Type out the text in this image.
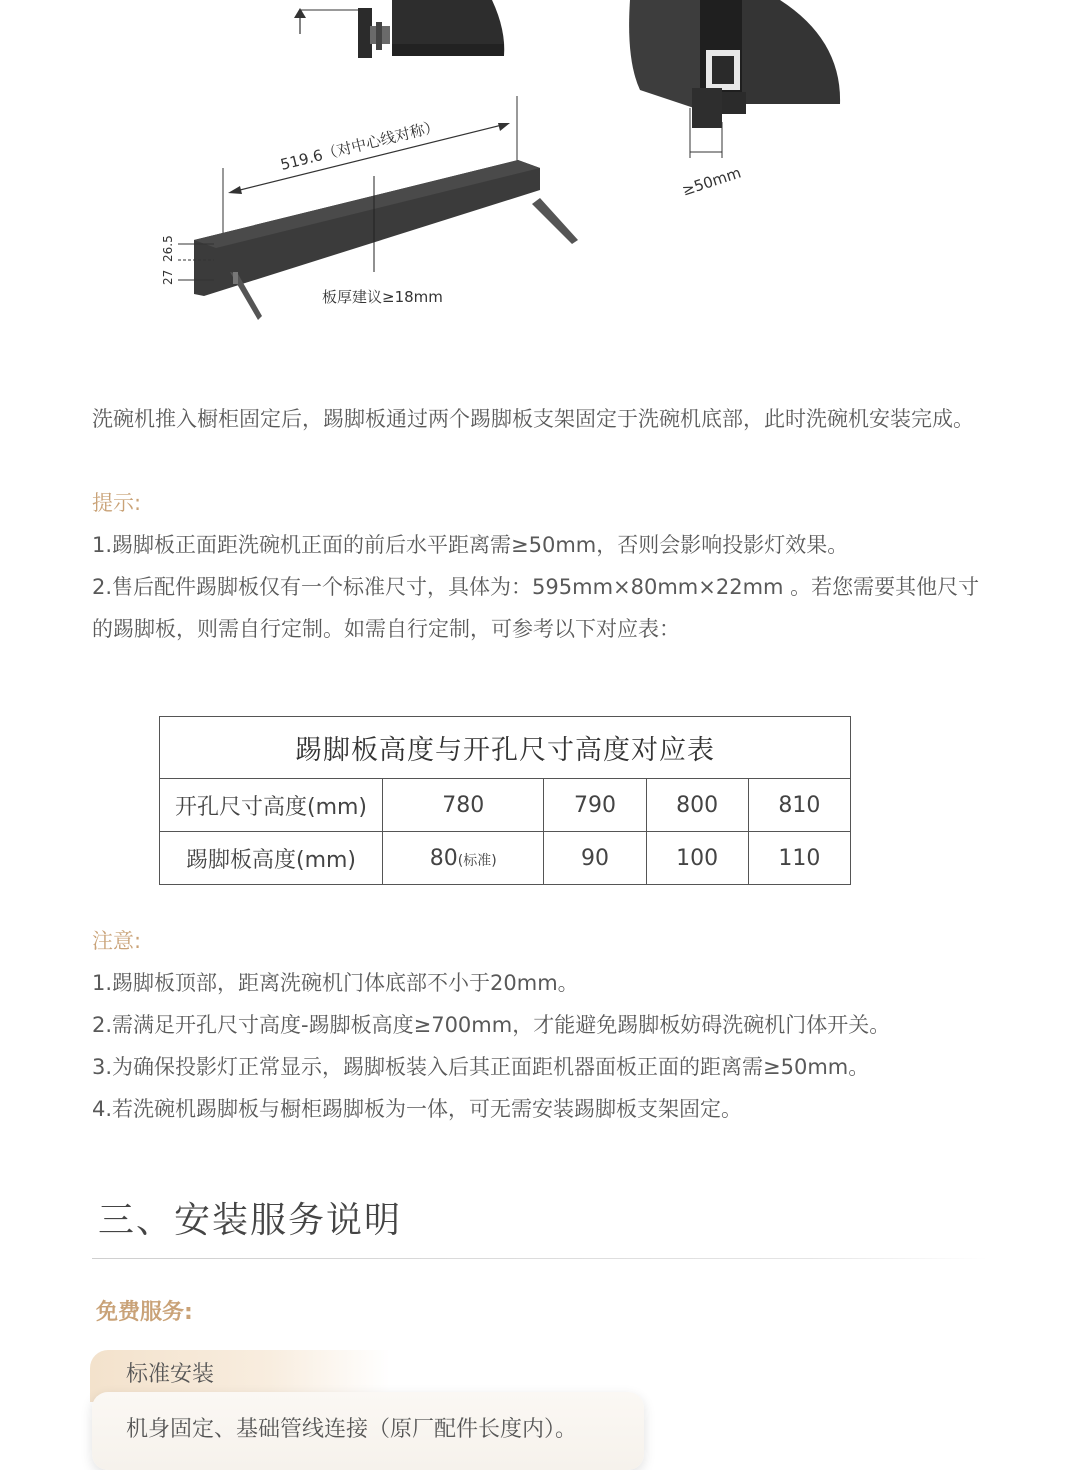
≥50mm
519.6（对中心线对称）
27
26.5
板厚建议≥18mm

洗碗机推入橱柜固定后，踢脚板通过两个踢脚板支架固定于洗碗机底部，此时洗碗机安装完成。

提示:

1.踢脚板正面距洗碗机正面的前后水平距离需≥50mm，否则会影响投影灯效果。

2.售后配件踢脚板仅有一个标准尺寸，具体为：595mm×80mm×22mm 。若您需要其他尺寸的踢脚板，则需自行定制。如需自行定制，可参考以下对应表：

踢脚板高度与开孔尺寸高度对应表				
开孔尺寸高度(mm)	780	790	800	810
踢脚板高度(mm)	80(标准)	90	100	110

注意:

1.踢脚板顶部，距离洗碗机门体底部不小于20mm。

2.需满足开孔尺寸高度-踢脚板高度≥700mm，才能避免踢脚板妨碍洗碗机门体开关。

3.为确保投影灯正常显示，踢脚板装入后其正面距机器面板正面的距离需≥50mm。

4.若洗碗机踢脚板与橱柜踢脚板为一体，可无需安装踢脚板支架固定。

三、安装服务说明

免费服务:

标准安装
机身固定、基础管线连接（原厂配件长度内）。
